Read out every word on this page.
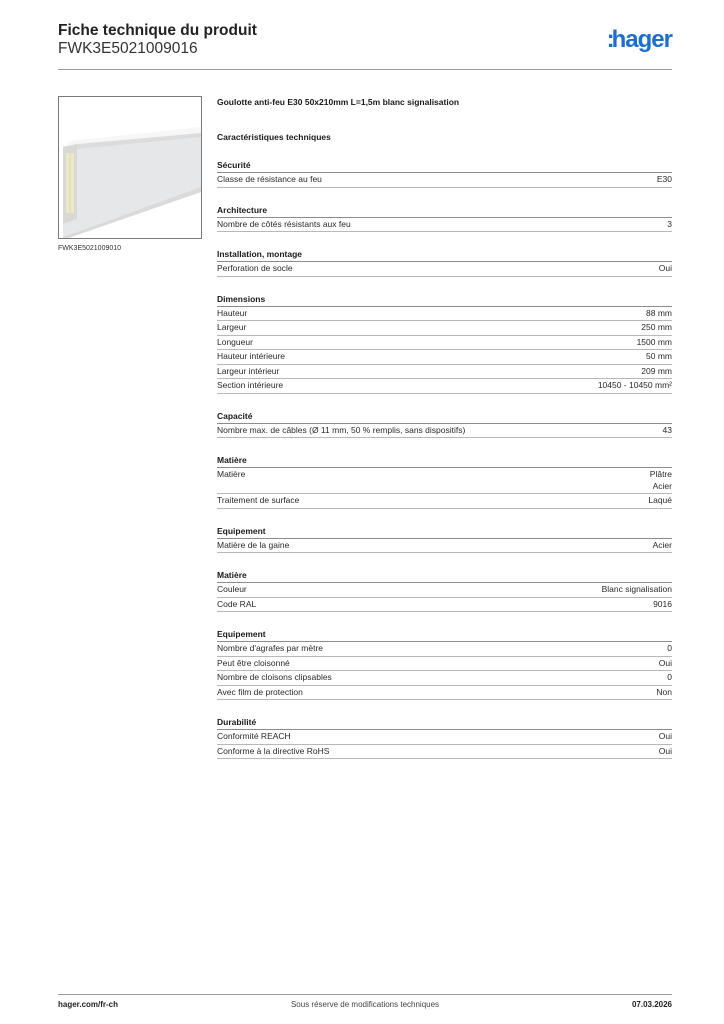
Fiche technique du produit
FWK3E5021009016	:hager
FWK3E5021009010
Goulotte anti-feu E30 50x210mm L=1,5m blanc signalisation
Caractéristiques techniques
Sécurité
Classe de résistance au feu	E30
Architecture
Nombre de côtés résistants aux feu	3
Installation, montage
Perforation de socle	Oui
Dimensions
Hauteur	88 mm
Largeur	250 mm
Longueur	1500 mm
Hauteur intérieure	50 mm
Largeur intérieur	209 mm
Section intérieure	10450 - 10450 mm²
Capacité
Nombre max. de câbles (Ø 11 mm, 50 % remplis, sans dispositifs)	43
Matière
Matière	Plâtre
Acier
Traitement de surface	Laqué
Equipement
Matière de la gaine	Acier
Matière
Couleur	Blanc signalisation
Code RAL	9016
Equipement
Nombre d'agrafes par mètre	0
Peut être cloisonné	Oui
Nombre de cloisons clipsables	0
Avec film de protection	Non
Durabilité
Conformité REACH	Oui
Conforme à la directive RoHS	Oui
hager.com/fr-ch	Sous réserve de modifications techniques	07.03.2026
